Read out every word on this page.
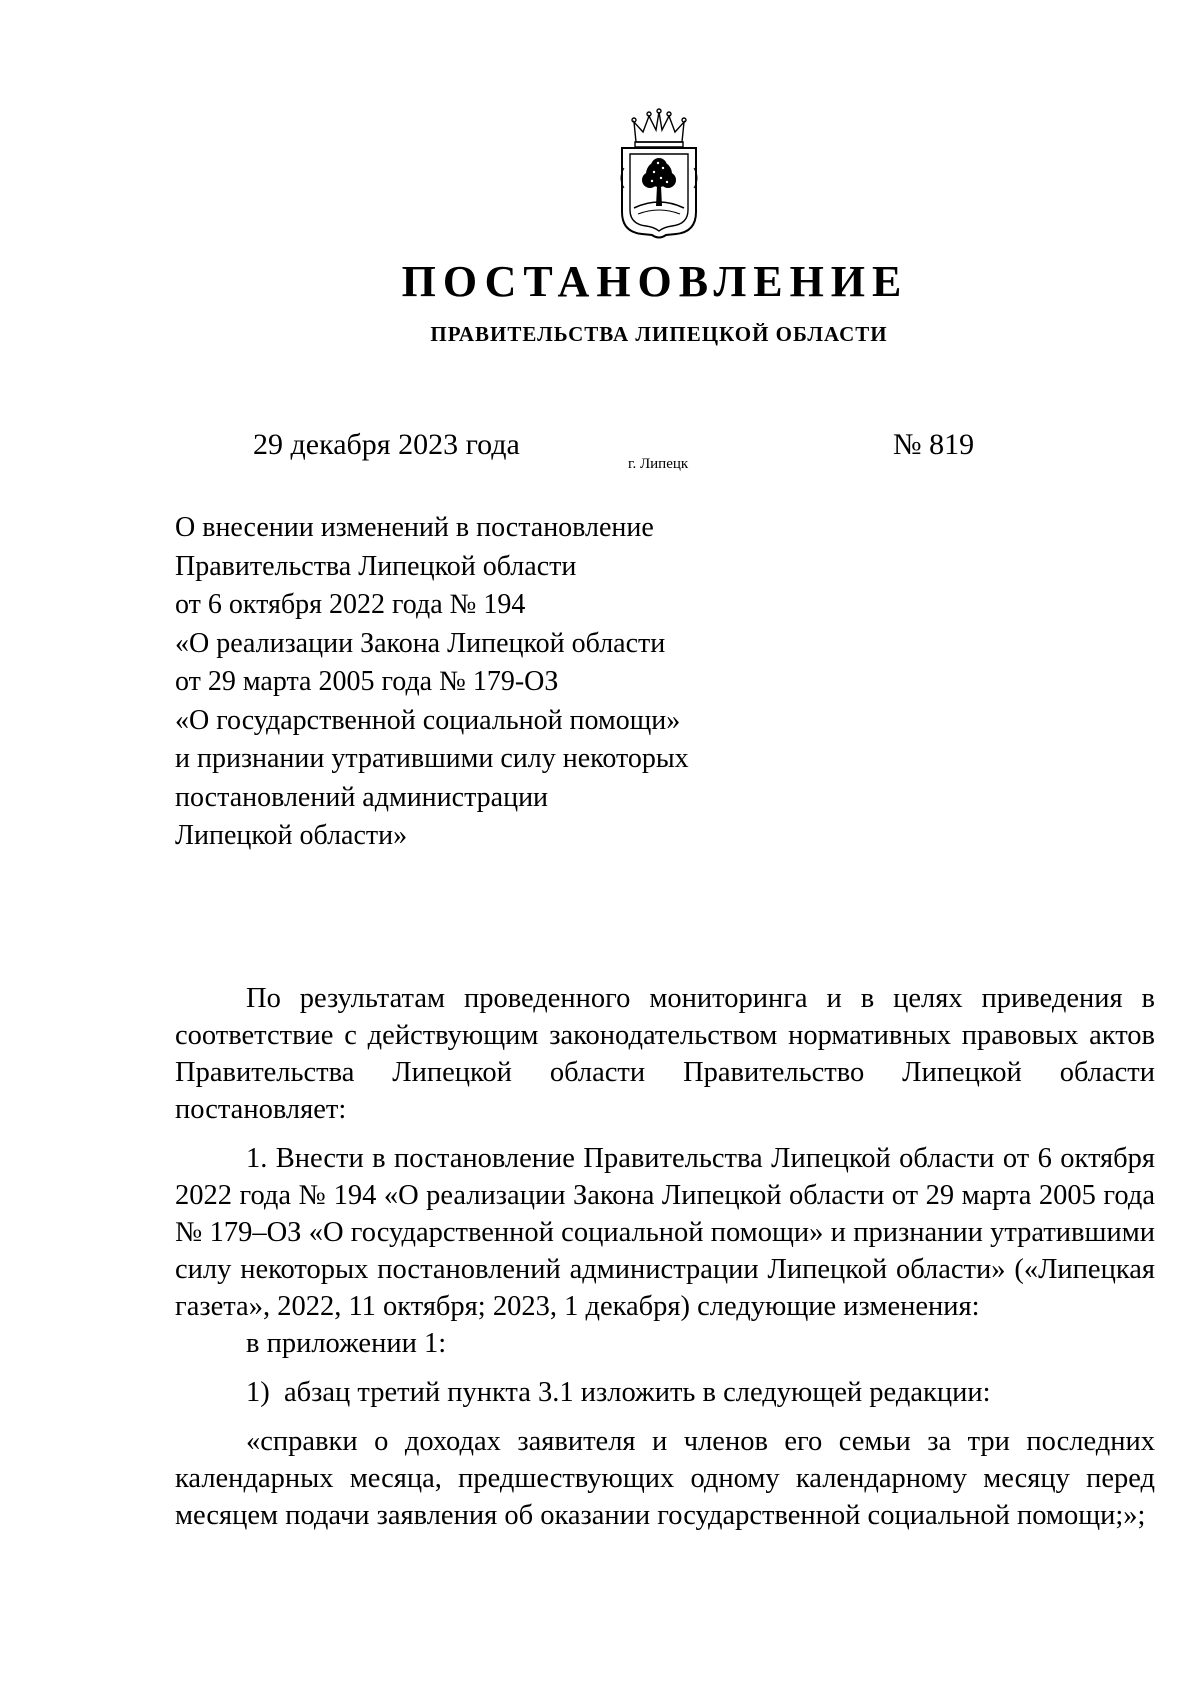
ПОСТАНОВЛЕНИЕ
ПРАВИТЕЛЬСТВА ЛИПЕЦКОЙ ОБЛАСТИ
29 декабря 2023 года
г. Липецк
№ 819
О внесении изменений в постановление
Правительства Липецкой области
от 6 октября 2022 года № 194
«О реализации Закона Липецкой области
от 29 марта 2005 года № 179-ОЗ
«О государственной социальной помощи»
и признании утратившими силу некоторых
постановлений администрации
Липецкой области»
По результатам проведенного мониторинга и в целях приведения в
соответствие с действующим законодательством нормативных правовых актов
Правительства Липецкой области Правительство Липецкой области
постановляет:
1. Внести в постановление Правительства Липецкой области от 6 октября
2022 года № 194 «О реализации Закона Липецкой области от 29 марта 2005 года
№ 179–ОЗ «О государственной социальной помощи» и признании утратившими
силу некоторых постановлений администрации Липецкой области» («Липецкая
газета», 2022, 11 октября; 2023, 1 декабря) следующие изменения:
в приложении 1:
1)  абзац третий пункта 3.1 изложить в следующей редакции:
«справки о доходах заявителя и членов его семьи за три последних
календарных месяца, предшествующих одному календарному месяцу перед
месяцем подачи заявления об оказании государственной социальной помощи;»;
